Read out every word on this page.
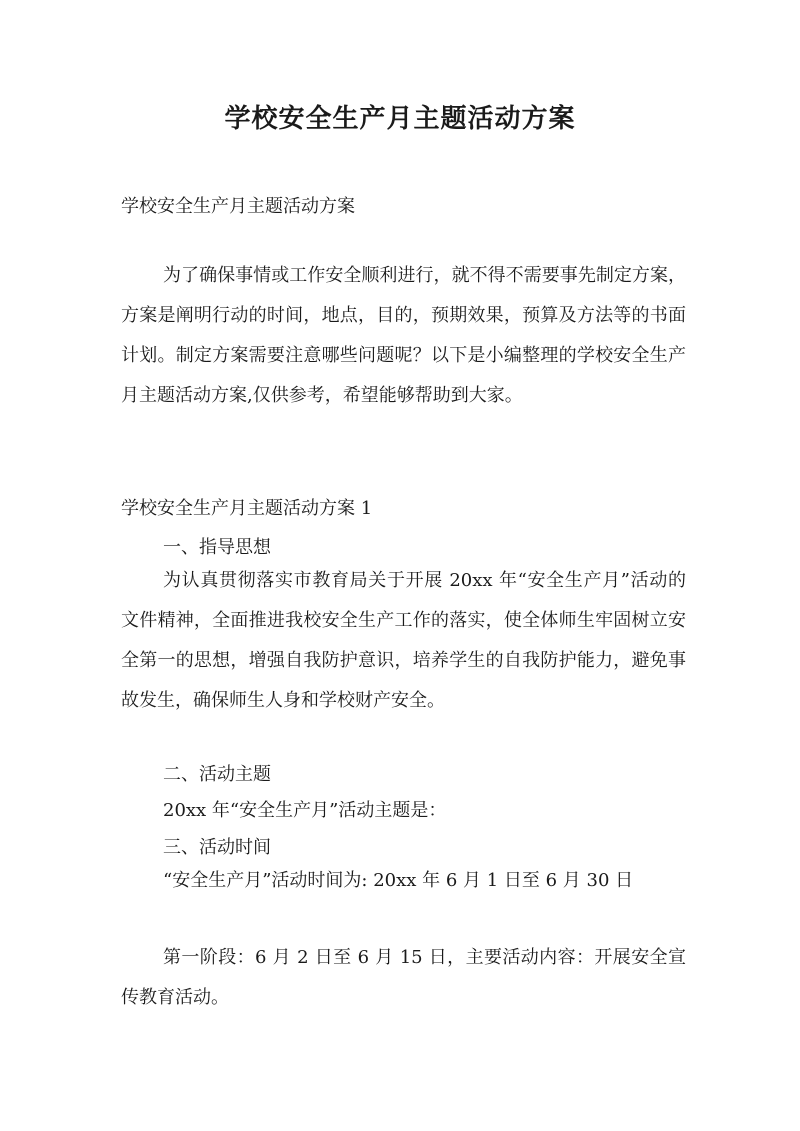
学校安全生产月主题活动方案
学校安全生产月主题活动方案

为了确保事情或工作安全顺利进行，就不得不需要事先制定方案，方案是阐明行动的时间，地点，目的，预期效果，预算及方法等的书面计划。制定方案需要注意哪些问题呢？以下是小编整理的学校安全生产月主题活动方案,仅供参考，希望能够帮助到大家。

学校安全生产月主题活动方案 1
一、指导思想

为认真贯彻落实市教育局关于开展 20xx 年“安全生产月”活动的文件精神，全面推进我校安全生产工作的落实，使全体师生牢固树立安全第一的思想，增强自我防护意识，培养学生的自我防护能力，避免事故发生，确保师生人身和学校财产安全。

二、活动主题
20xx 年“安全生产月”活动主题是：
三、活动时间

“安全生产月”活动时间为: 20xx 年 6 月 1 日至 6 月 30 日

第一阶段：6 月 2 日至 6 月 15 日，主要活动内容：开展安全宣传教育活动。
